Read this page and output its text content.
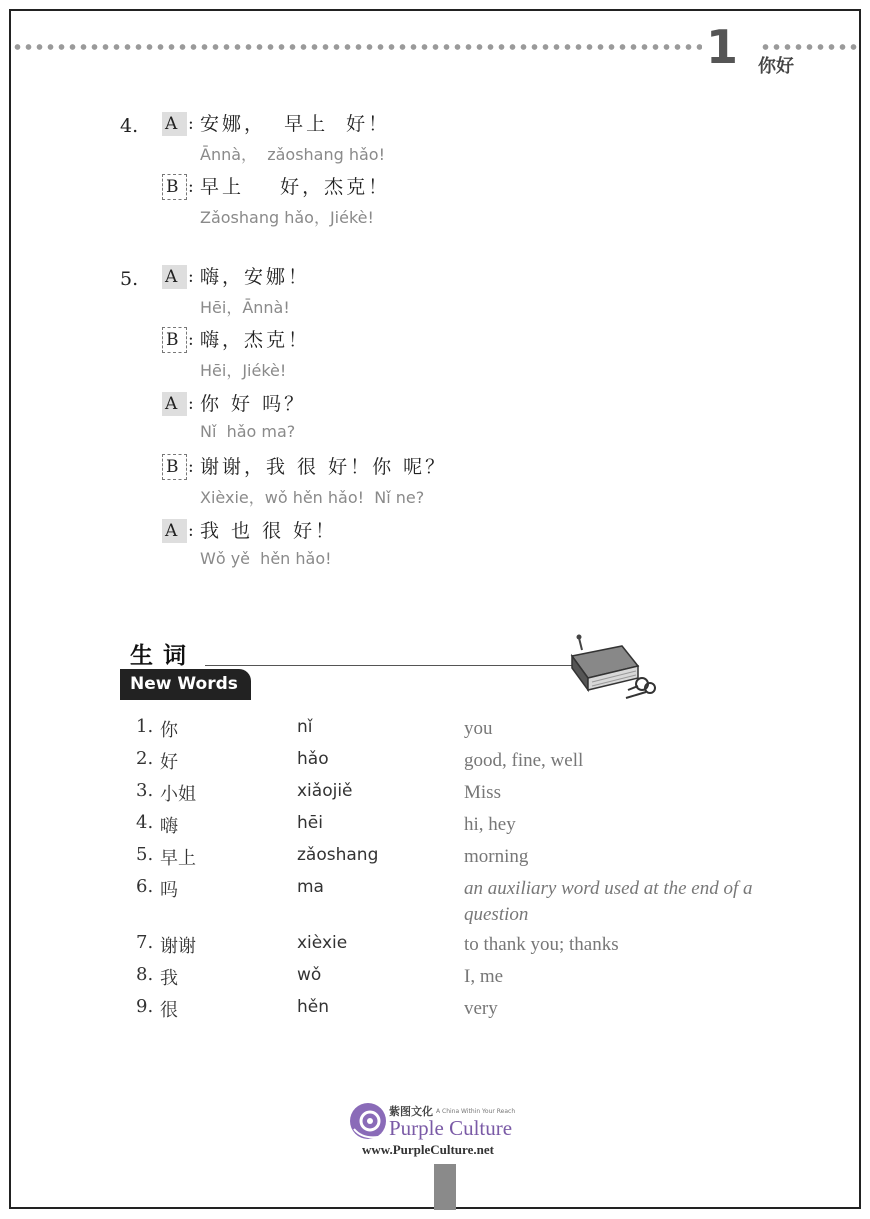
1 你好
4. A : 安娜，  早上  好！
Ānnà，  zǎoshang hǎo!
B : 早上    好，杰克！
Zǎoshang hǎo，Jiékè!
5. A : 嗨，安娜！
Hēi，Ānnà!
B : 嗨，杰克！
Hēi，Jiékè!
A : 你 好 吗？
Nǐ  hǎo ma?
B : 谢谢，我 很 好！你 呢？
Xièxie，wǒ hěn hǎo!  Nǐ ne?
A : 我 也 很 好！
Wǒ yě  hěn hǎo!
生词
New Words
1. 你	nǐ	you
2. 好	hǎo	good, fine, well
3. 小姐	xiǎojiě	Miss
4. 嗨	hēi	hi, hey
5. 早上	zǎoshang	morning
6. 吗	ma	an auxiliary word used at the end of a question
7. 谢谢	xièxie	to thank you; thanks
8. 我	wǒ	I, me
9. 很	hěn	very
紫图文化 A China Within Your Reach
Purple Culture
www.PurpleCulture.net
